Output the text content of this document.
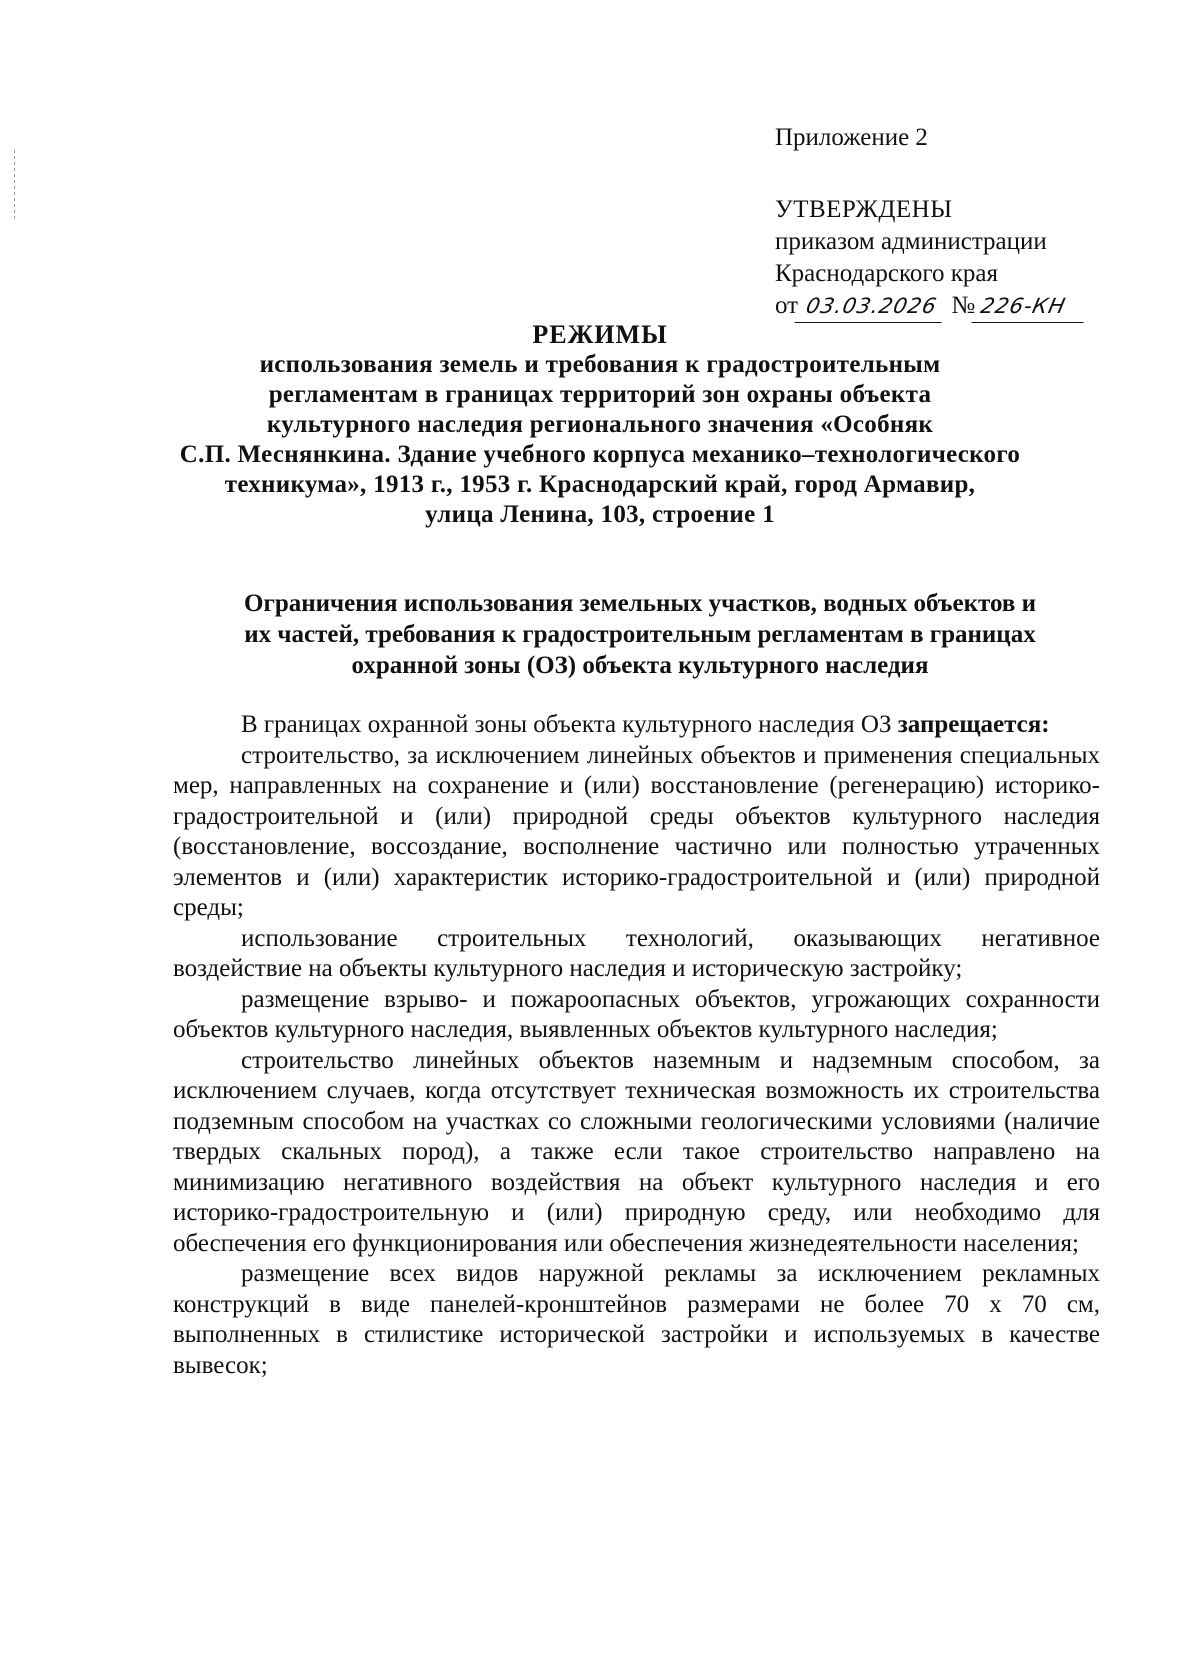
Приложение 2
УТВЕРЖДЕНЫ
приказом администрации
Краснодарского края
от 03.03.2026 № 226-КН
РЕЖИМЫ
использования земель и требования к градостроительным
регламентам в границах территорий зон охраны объекта
культурного наследия регионального значения «Особняк
С.П. Меснянкина. Здание учебного корпуса механико–технологического
техникума», 1913 г., 1953 г. Краснодарский край, город Армавир,
улица Ленина, 103, строение 1
Ограничения использования земельных участков, водных объектов и
их частей, требования к градостроительным регламентам в границах
охранной зоны (ОЗ) объекта культурного наследия

В границах охранной зоны объекта культурного наследия ОЗ запрещается:

строительство, за исключением линейных объектов и применения специальных мер, направленных на сохранение и (или) восстановление (регенерацию) историко-градостроительной и (или) природной среды объектов культурного наследия (восстановление, воссоздание, восполнение частично или полностью утраченных элементов и (или) характеристик историко-градостроительной и (или) природной среды;

использование строительных технологий, оказывающих негативное воздействие на объекты культурного наследия и историческую застройку;

размещение взрыво- и пожароопасных объектов, угрожающих сохранности объектов культурного наследия, выявленных объектов культурного наследия;

строительство линейных объектов наземным и надземным способом, за исключением случаев, когда отсутствует техническая возможность их строительства подземным способом на участках со сложными геологическими условиями (наличие твердых скальных пород), а также если такое строительство направлено на минимизацию негативного воздействия на объект культурного наследия и его историко-градостроительную и (или) природную среду, или необходимо для обеспечения его функционирования или обеспечения жизнедеятельности населения;

размещение всех видов наружной рекламы за исключением рекламных конструкций в виде панелей-кронштейнов размерами не более 70 х 70 см, выполненных в стилистике исторической застройки и используемых в качестве вывесок;
